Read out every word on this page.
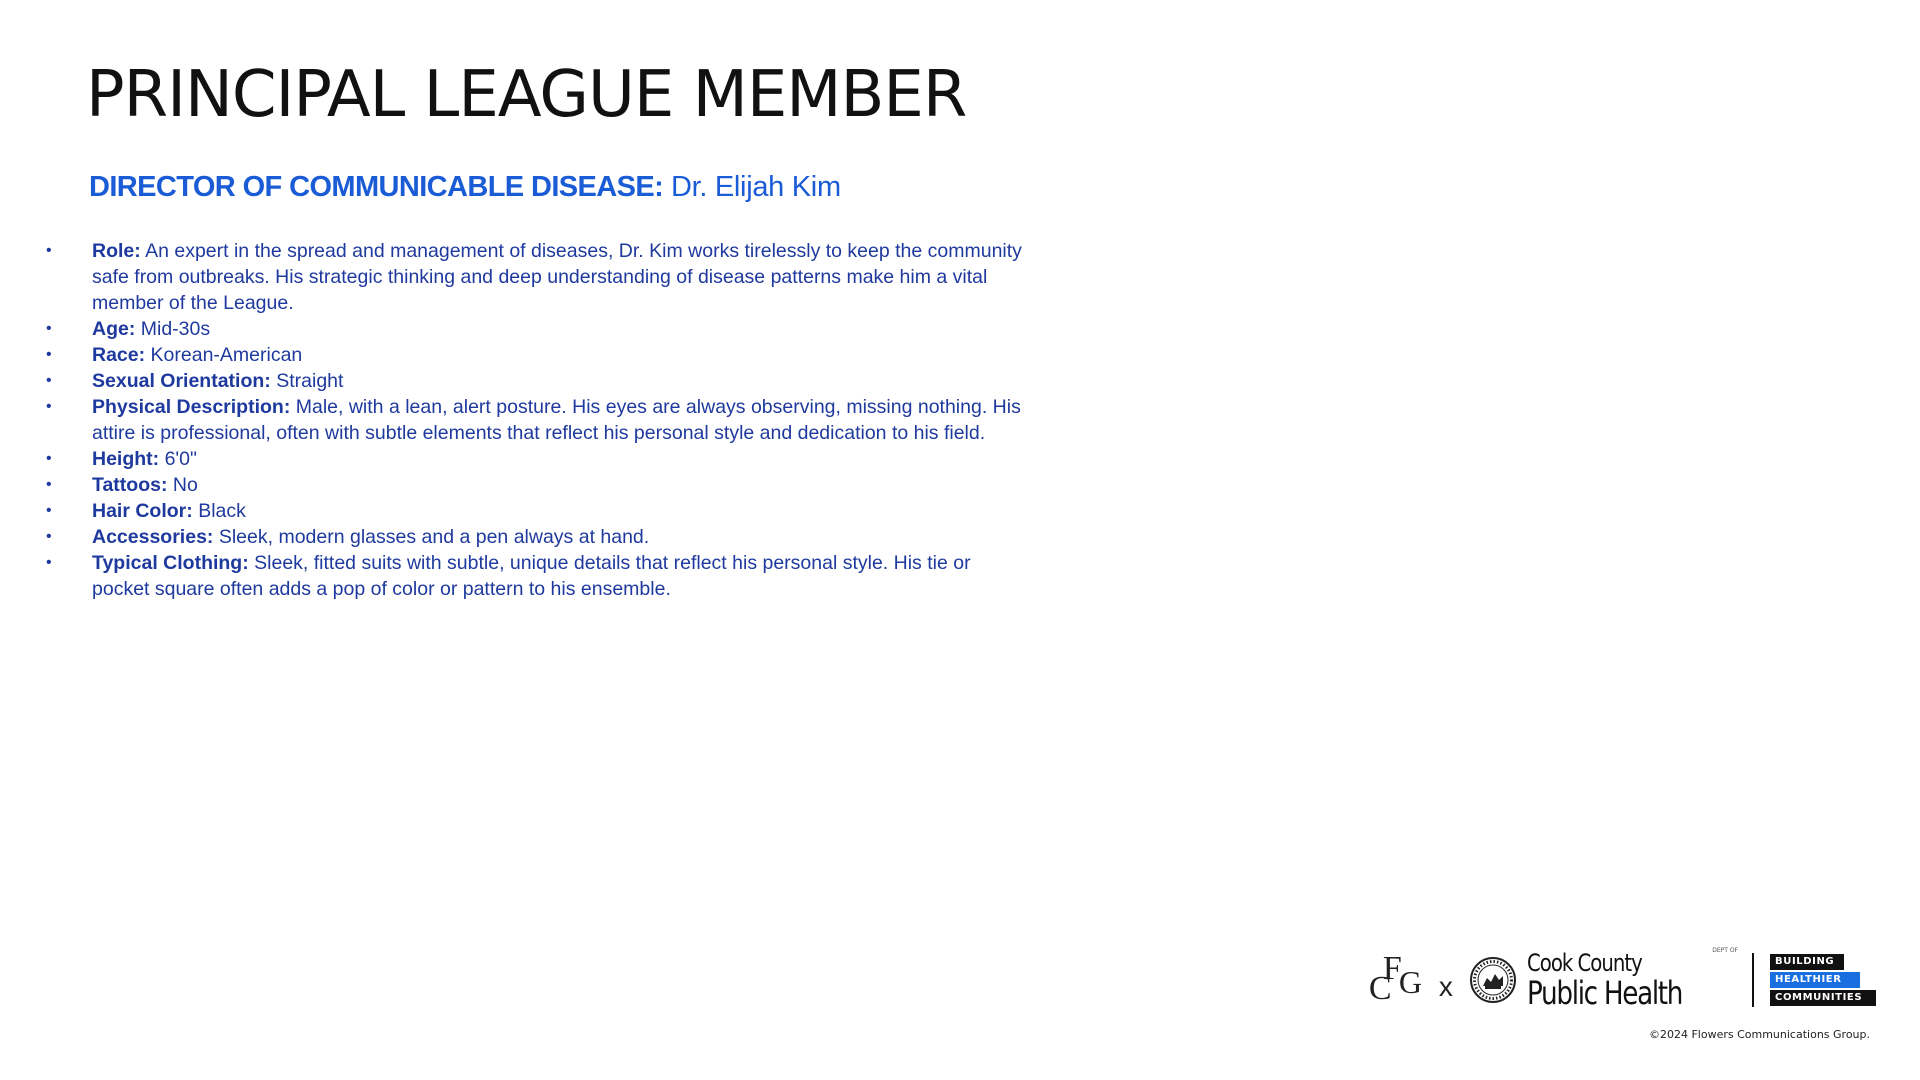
PRINCIPAL LEAGUE MEMBER
DIRECTOR OF COMMUNICABLE DISEASE: Dr. Elijah Kim
• Role: An expert in the spread and management of diseases, Dr. Kim works tirelessly to keep the community safe from outbreaks. His strategic thinking and deep understanding of disease patterns make him a vital member of the League.
• Age: Mid-30s
• Race: Korean-American
• Sexual Orientation: Straight
• Physical Description: Male, with a lean, alert posture. His eyes are always observing, missing nothing. His attire is professional, often with subtle elements that reflect his personal style and dedication to his field.
• Height: 6'0"
• Tattoos: No
• Hair Color: Black
• Accessories: Sleek, modern glasses and a pen always at hand.
• Typical Clothing: Sleek, fitted suits with subtle, unique details that reflect his personal style. His tie or pocket square often adds a pop of color or pattern to his ensemble.
F
C G x
Cook County
Public Health
DEPT OF
BUILDING
HEALTHIER
COMMUNITIES
©2024 Flowers Communications Group.
